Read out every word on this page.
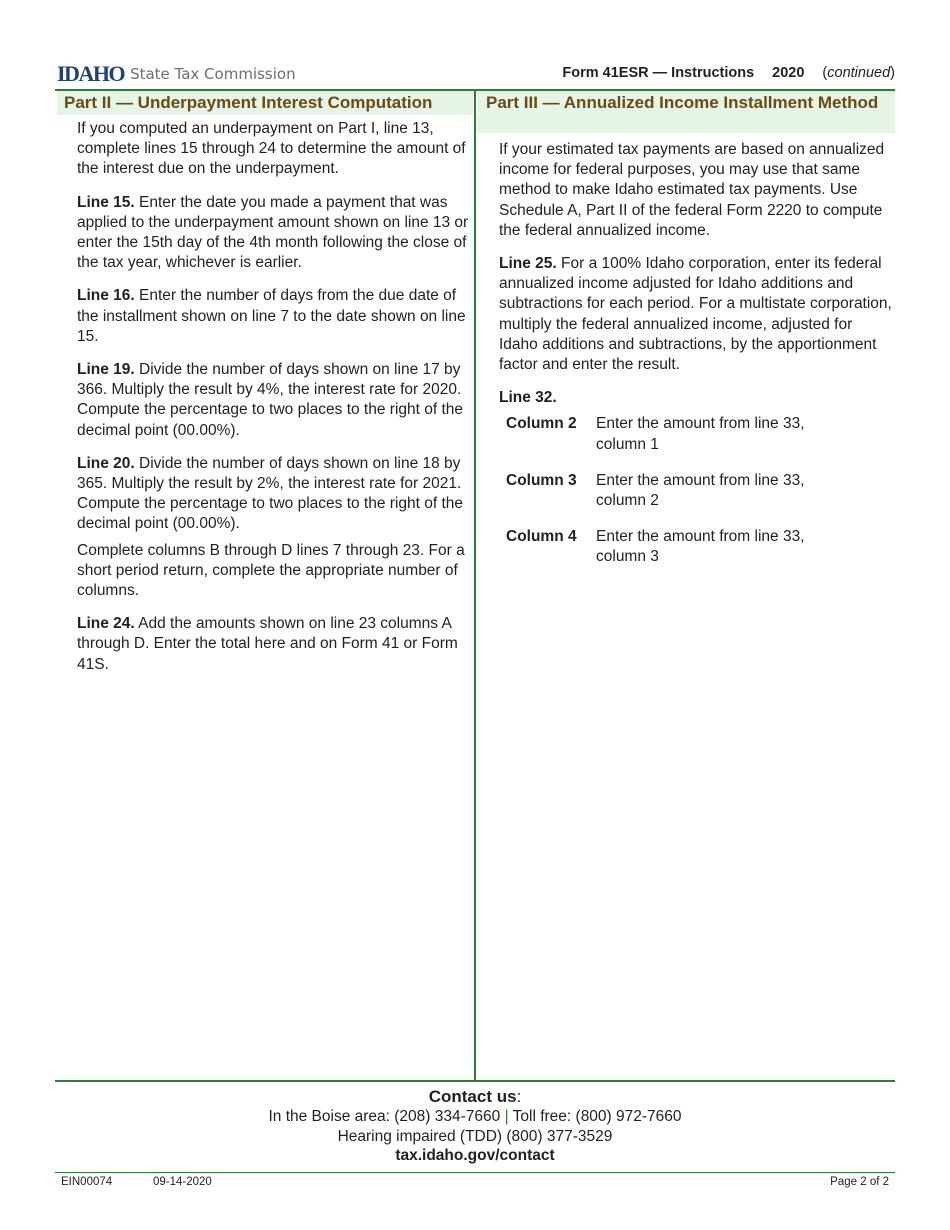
IDAHO State Tax Commission	Form 41ESR — Instructions 2020 (continued)
Part II — Underpayment Interest Computation	Part III — Annualized Income Installment Method

If you computed an underpayment on Part I, line 13, complete lines 15 through 24 to determine the amount of the interest due on the underpayment.

Line 15. Enter the date you made a payment that was applied to the underpayment amount shown on line 13 or enter the 15th day of the 4th month following the close of the tax year, whichever is earlier.

Line 16. Enter the number of days from the due date of the installment shown on line 7 to the date shown on line 15.

Line 19. Divide the number of days shown on line 17 by 366. Multiply the result by 4%, the interest rate for 2020. Compute the percentage to two places to the right of the decimal point (00.00%).

Line 20. Divide the number of days shown on line 18 by 365. Multiply the result by 2%, the interest rate for 2021. Compute the percentage to two places to the right of the decimal point (00.00%).

Complete columns B through D lines 7 through 23. For a short period return, complete the appropriate number of columns.

Line 24. Add the amounts shown on line 23 columns A through D. Enter the total here and on Form 41 or Form 41S.

If your estimated tax payments are based on annualized income for federal purposes, you may use that same method to make Idaho estimated tax payments. Use Schedule A, Part II of the federal Form 2220 to compute the federal annualized income.

Line 25. For a 100% Idaho corporation, enter its federal annualized income adjusted for Idaho additions and subtractions for each period. For a multistate corporation, multiply the federal annualized income, adjusted for Idaho additions and subtractions, by the apportionment factor and enter the result.

Line 32.

Column 2	Enter the amount from line 33, column 1
Column 3	Enter the amount from line 33, column 2
Column 4	Enter the amount from line 33, column 3
Contact us:
In the Boise area: (208) 334-7660 | Toll free: (800) 972-7660
Hearing impaired (TDD) (800) 377-3529
tax.idaho.gov/contact
EIN00074	09-14-2020	Page 2 of 2
